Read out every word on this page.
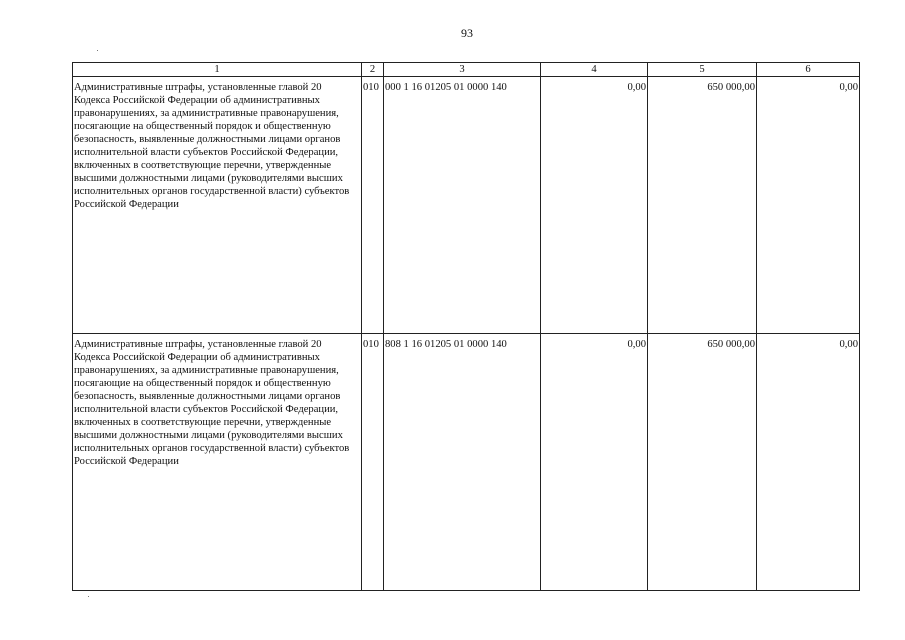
93
1	2	3	4	5	6
Административные штрафы, установленные главой 20 Кодекса Российской Федерации об административных правонарушениях, за административные правонарушения, посягающие на общественный порядок и общественную безопасность, выявленные должностными лицами органов исполнительной власти субъектов Российской Федерации, включенных в соответствующие перечни, утвержденные высшими должностными лицами (руководителями высших исполнительных органов государственной власти) субъектов Российской Федерации	010	000 1 16 01205 01 0000 140	0,00	650 000,00	0,00
Административные штрафы, установленные главой 20 Кодекса Российской Федерации об административных правонарушениях, за административные правонарушения, посягающие на общественный порядок и общественную безопасность, выявленные должностными лицами органов исполнительной власти субъектов Российской Федерации, включенных в соответствующие перечни, утвержденные высшими должностными лицами (руководителями высших исполнительных органов государственной власти) субъектов Российской Федерации	010	808 1 16 01205 01 0000 140	0,00	650 000,00	0,00
